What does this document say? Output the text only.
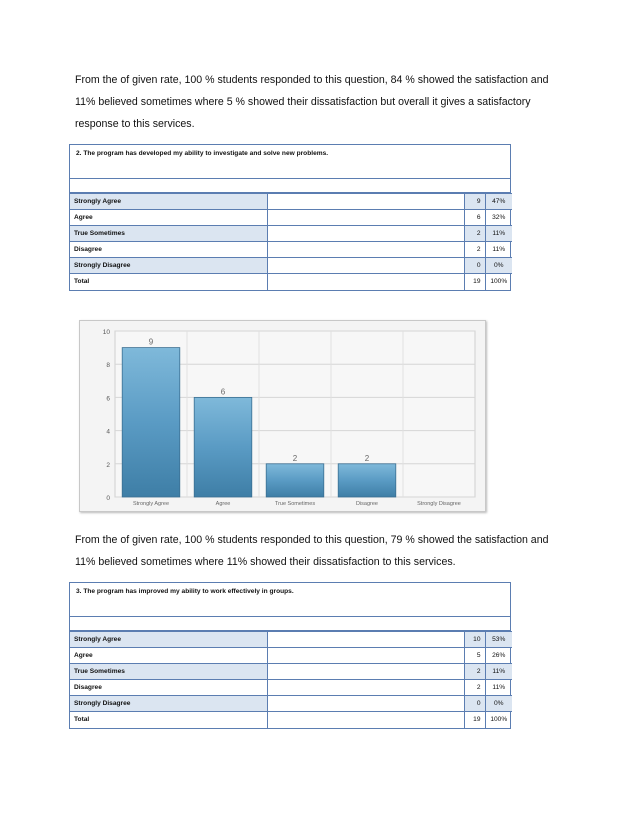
From the of given rate, 100 % students responded to this question, 84 % showed the satisfaction and
11% believed sometimes where 5 % showed their dissatisfaction but overall it gives a satisfactory
response to this services.

2. The program has developed my ability to investigate and solve new problems.
Strongly Agree		9	47%
Agree		6	32%
True Sometimes		2	11%
Disagree		2	11%
Strongly Disagree		0	0%
Total		19	100%
0
2
4
6
8
10
9
Strongly Agree
6
Agree
2
True Sometimes
2
Disagree	Strongly Disagree

From the of given rate, 100 % students responded to this question, 79 % showed the satisfaction and
11% believed sometimes where 11% showed their dissatisfaction to this services.

3. The program has improved my ability to work effectively in groups.
Strongly Agree		10	53%
Agree		5	26%
True Sometimes		2	11%
Disagree		2	11%
Strongly Disagree		0	0%
Total		19	100%
